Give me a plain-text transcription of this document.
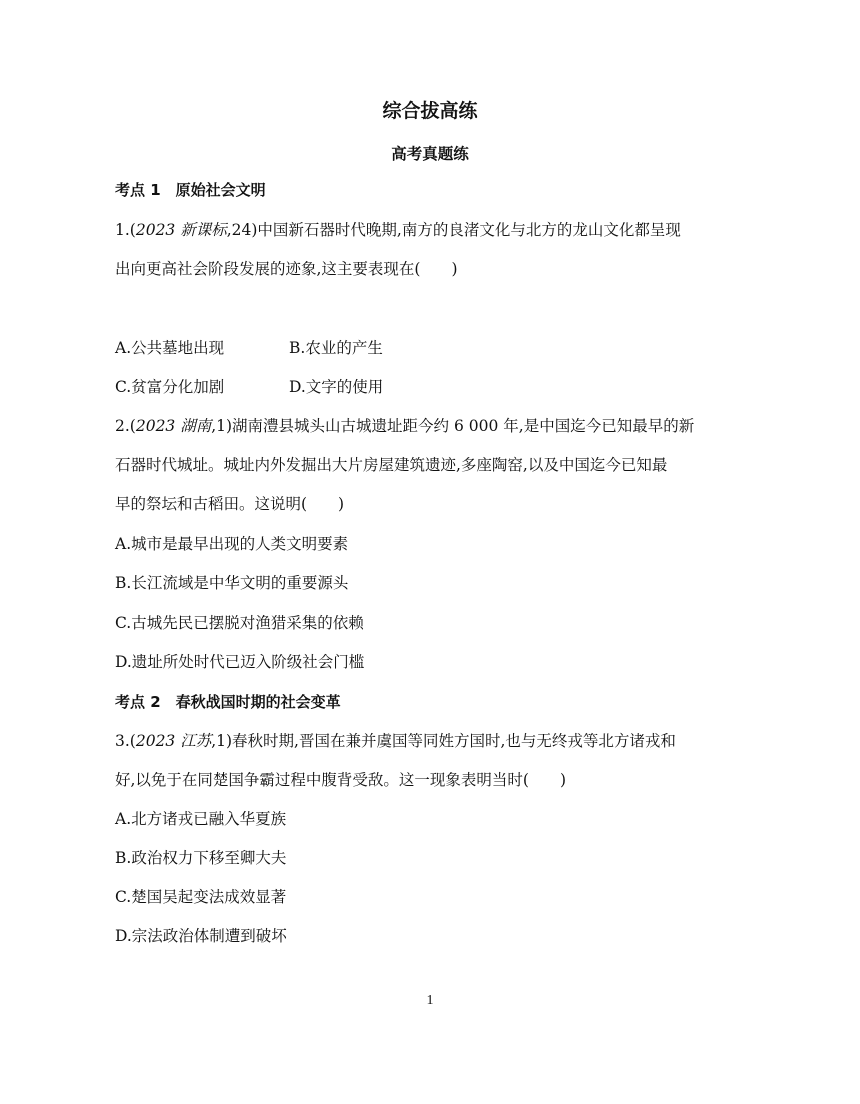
综合拔高练
高考真题练
考点 1　原始社会文明
1.(2023 新课标,24)中国新石器时代晚期,南方的良渚文化与北方的龙山文化都呈现
出向更高社会阶段发展的迹象,这主要表现在(　　)
A.公共墓地出现	B.农业的产生
C.贫富分化加剧	D.文字的使用
2.(2023 湖南,1)湖南澧县城头山古城遗址距今约 6 000 年,是中国迄今已知最早的新
石器时代城址。城址内外发掘出大片房屋建筑遗迹,多座陶窑,以及中国迄今已知最
早的祭坛和古稻田。这说明(　　)
A.城市是最早出现的人类文明要素
B.长江流域是中华文明的重要源头
C.古城先民已摆脱对渔猎采集的依赖
D.遗址所处时代已迈入阶级社会门槛
考点 2　春秋战国时期的社会变革
3.(2023 江苏,1)春秋时期,晋国在兼并虞国等同姓方国时,也与无终戎等北方诸戎和
好,以免于在同楚国争霸过程中腹背受敌。这一现象表明当时(　　)
A.北方诸戎已融入华夏族
B.政治权力下移至卿大夫
C.楚国吴起变法成效显著
D.宗法政治体制遭到破坏
1
